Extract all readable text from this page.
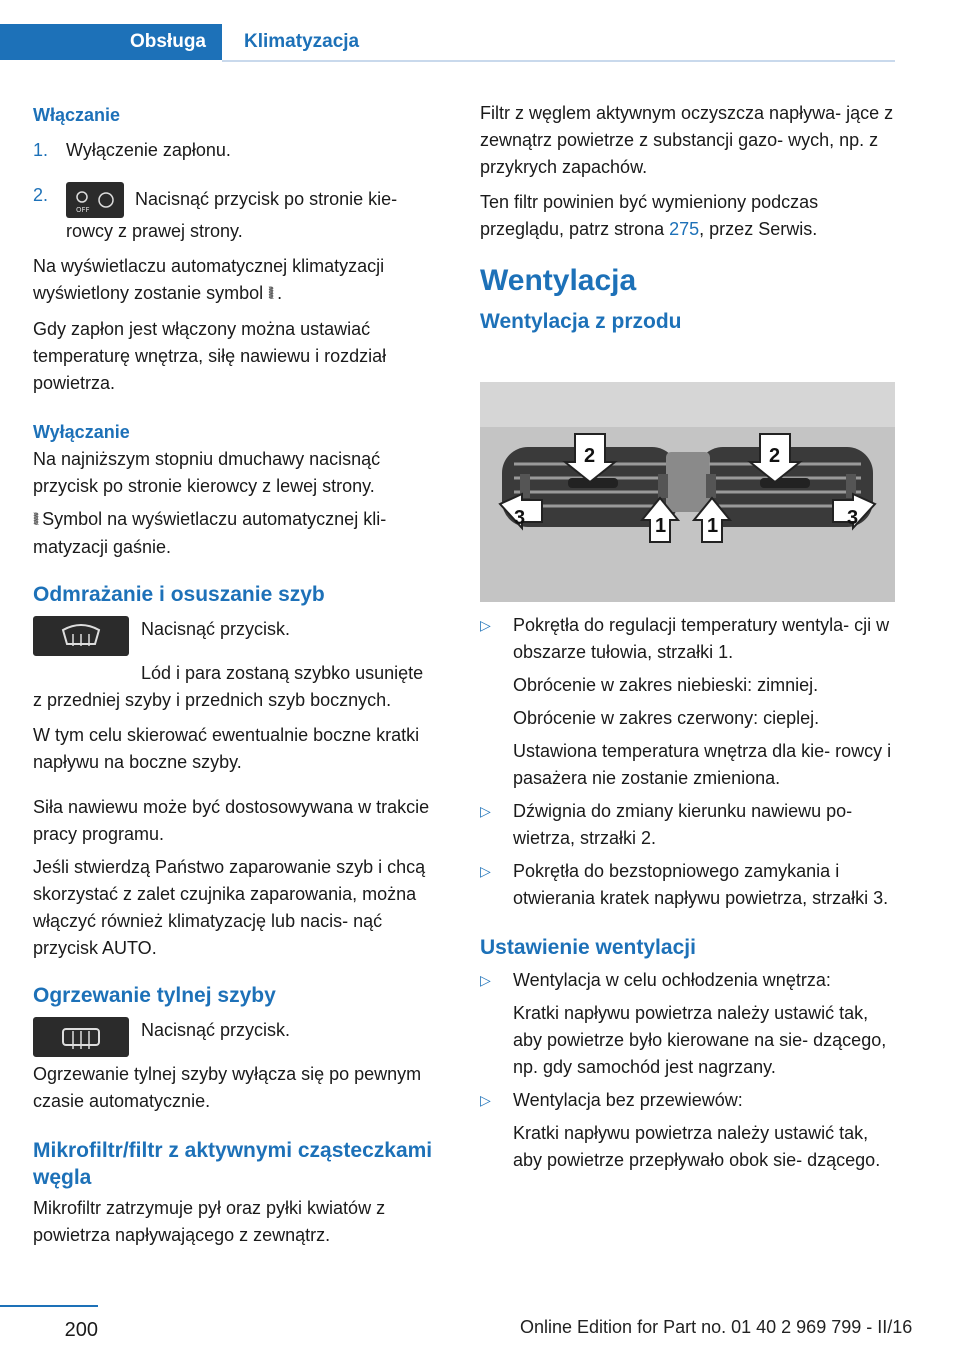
Obsługa	Klimatyzacja

Włączanie

1. Wyłączenie zapłonu.
2.
OFF
Nacisnąć przycisk po stronie kie- rowcy z prawej strony.

Na wyświetlaczu automatycznej klimatyzacji wyświetlony zostanie symbol ⦚⦚⦚ .

Gdy zapłon jest włączony można ustawiać temperaturę wnętrza, siłę nawiewu i rozdział powietrza.

Wyłączanie

Na najniższym stopniu dmuchawy nacisnąć przycisk po stronie kierowcy z lewej strony.

⦚⦚⦚ Symbol na wyświetlaczu automatycznej kli- matyzacji gaśnie.

Odmrażanie i osuszanie szyb

Nacisnąć przycisk.

Lód i para zostaną szybko usunięte

z przedniej szyby i przednich szyb bocznych.

W tym celu skierować ewentualnie boczne kratki napływu na boczne szyby.

Siła nawiewu może być dostosowywana w trakcie pracy programu.

Jeśli stwierdzą Państwo zaparowanie szyb i chcą skorzystać z zalet czujnika zaparowania, można włączyć również klimatyzację lub nacis- nąć przycisk AUTO.

Ogrzewanie tylnej szyby

Nacisnąć przycisk.

Ogrzewanie tylnej szyby wyłącza się po pewnym czasie automatycznie.

Mikrofiltr/filtr z aktywnymi cząsteczkami węgla

Mikrofiltr zatrzymuje pył oraz pyłki kwiatów z powietrza napływającego z zewnątrz.

Filtr z węglem aktywnym oczyszcza napływa- jące z zewnątrz powietrze z substancji gazo- wych, np. z przykrych zapachów.

Ten filtr powinien być wymieniony podczas przeglądu, patrz strona 275, przez Serwis.

Wentylacja

Wentylacja z przodu

2	2
3	1 1	3
▷	Pokrętła do regulacji temperatury wentyla- cji w obszarze tułowia, strzałki 1.

Obrócenie w zakres niebieski: zimniej.

Obrócenie w zakres czerwony: cieplej.

Ustawiona temperatura wnętrza dla kie- rowcy i pasażera nie zostanie zmieniona.

▷	Dźwignia do zmiany kierunku nawiewu po- wietrza, strzałki 2.
▷	Pokrętła do bezstopniowego zamykania i otwierania kratek napływu powietrza, strzałki 3.

Ustawienie wentylacji

▷	Wentylacja w celu ochłodzenia wnętrza:

Kratki napływu powietrza należy ustawić tak, aby powietrze było kierowane na sie- dzącego, np. gdy samochód jest nagrzany.

▷	Wentylacja bez przewiewów:

Kratki napływu powietrza należy ustawić tak, aby powietrze przepływało obok sie- dzącego.

200	Online Edition for Part no. 01 40 2 969 799 - II/16
